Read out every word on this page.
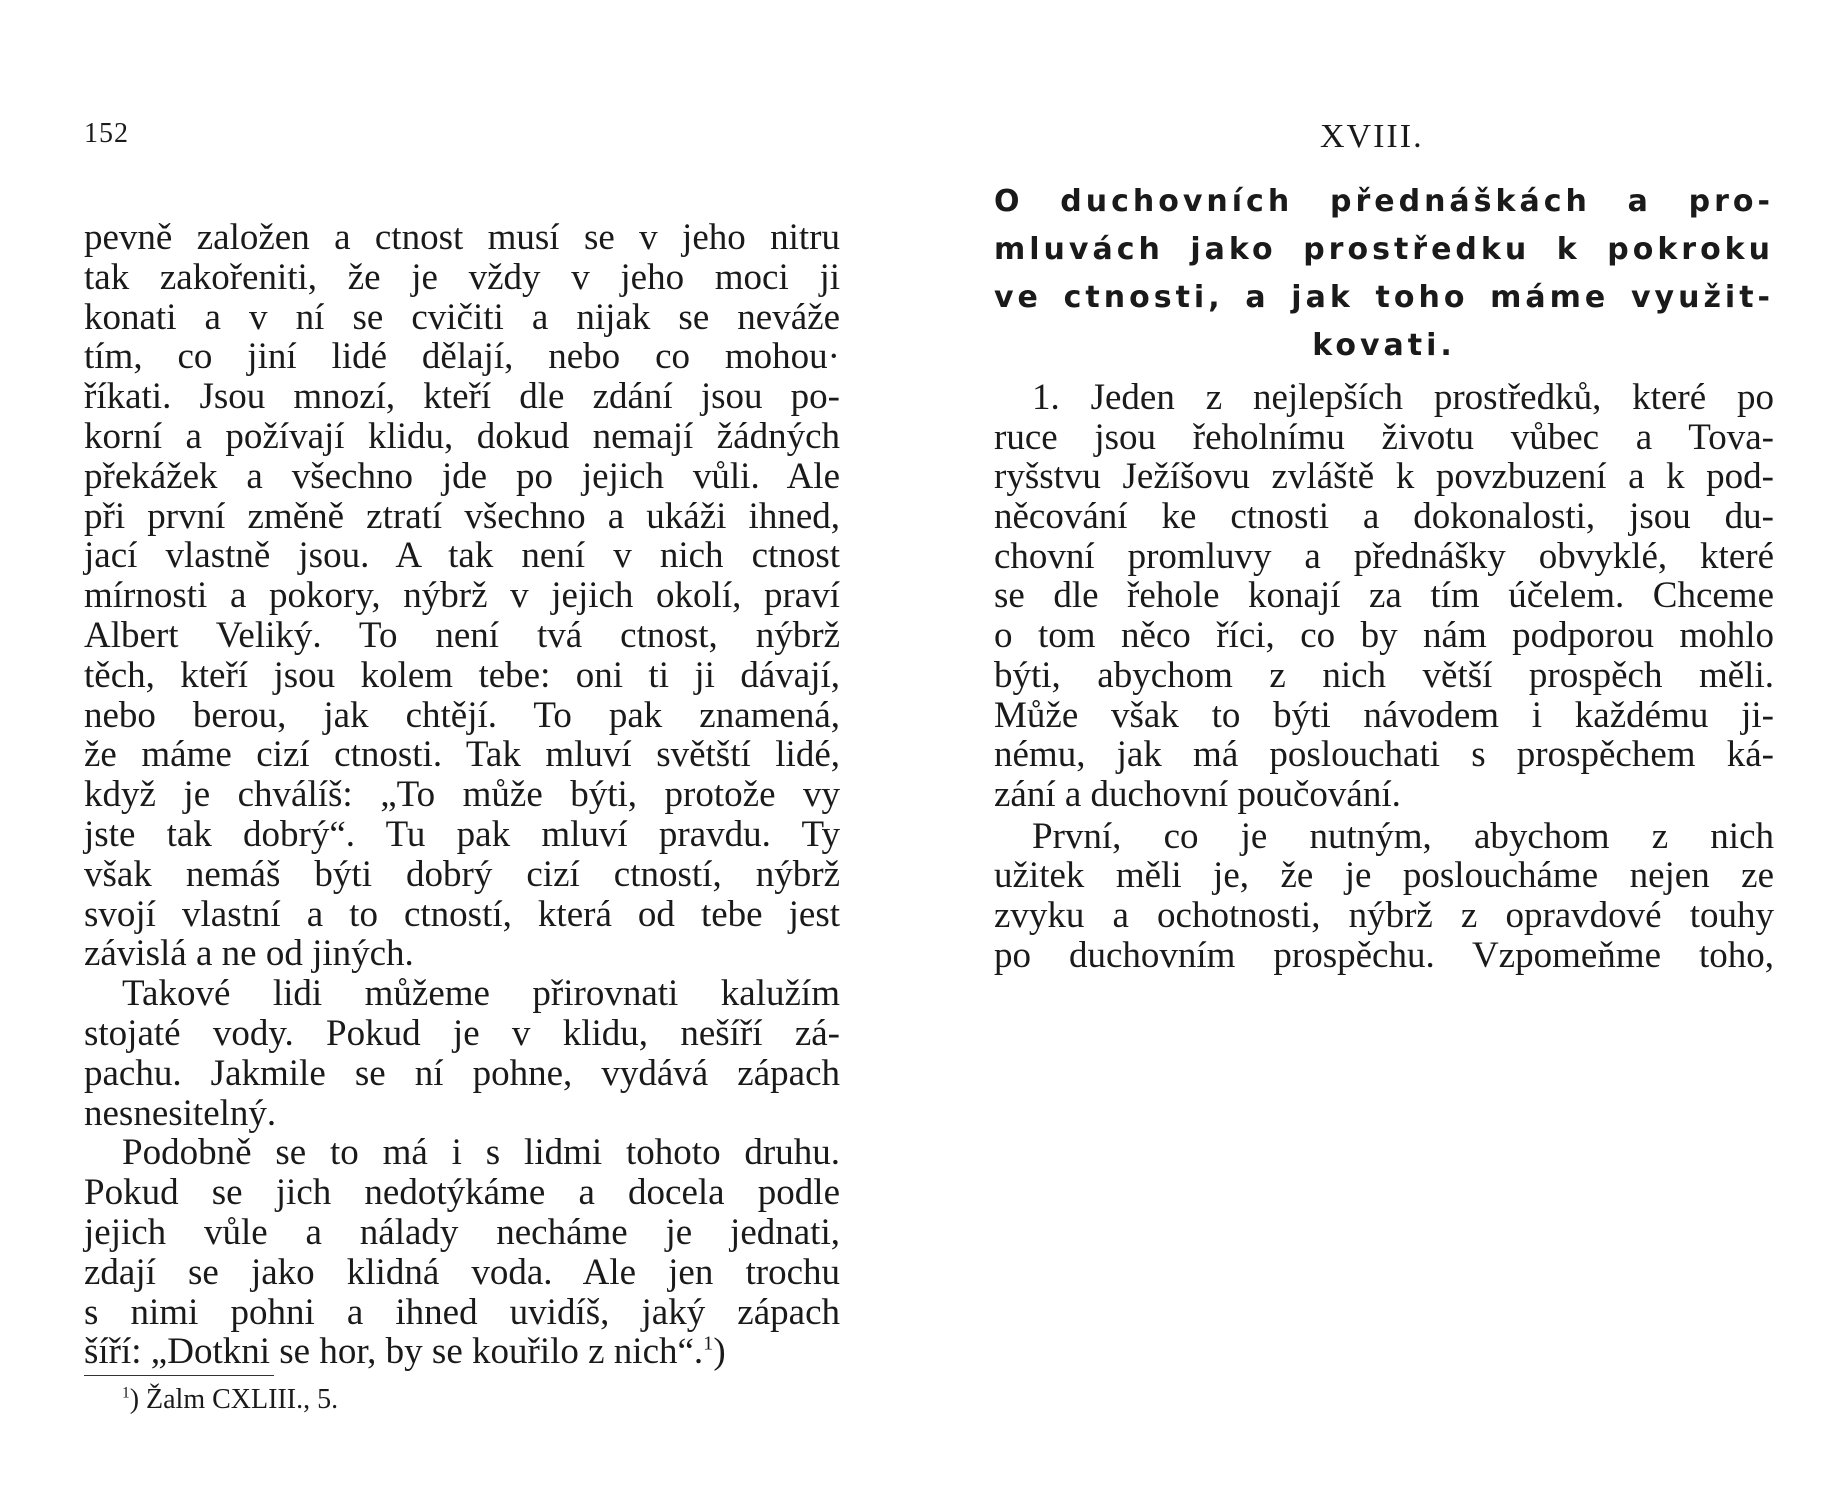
152
pevně založen a ctnost musí se v jeho nitru
tak zakořeniti, že je vždy v jeho moci ji
konati a v ní se cvičiti a nijak se neváže
tím, co jiní lidé dělají, nebo co mohou·
říkati. Jsou mnozí, kteří dle zdání jsou po-
korní a požívají klidu, dokud nemají žádných
překážek a všechno jde po jejich vůli. Ale
při první změně ztratí všechno a ukáži ihned,
jací vlastně jsou. A tak není v nich ctnost
mírnosti a pokory, nýbrž v jejich okolí, praví
Albert Veliký. To není tvá ctnost, nýbrž
těch, kteří jsou kolem tebe: oni ti ji dávají,
nebo berou, jak chtějí. To pak znamená,
že máme cizí ctnosti. Tak mluví světští lidé,
když je chválíš: „To může býti, protože vy
jste tak dobrý“. Tu pak mluví pravdu. Ty
však nemáš býti dobrý cizí ctností, nýbrž
svojí vlastní a to ctností, která od tebe jest
závislá a ne od jiných.
Takové lidi můžeme přirovnati kalužím
stojaté vody. Pokud je v klidu, nešíří zá-
pachu. Jakmile se ní pohne, vydává zápach
nesnesitelný.
Podobně se to má i s lidmi tohoto druhu.
Pokud se jich nedotýkáme a docela podle
jejich vůle a nálady necháme je jednati,
zdají se jako klidná voda. Ale jen trochu
s nimi pohni a ihned uvidíš, jaký zápach
šíří: „Dotkni se hor, by se kouřilo z nich“.$^1$)
$^1$) Žalm CXLIII., 5.
XVIII.
O duchovních přednáškách a pro-
mluvách jako prostředku k pokroku
ve ctnosti, a jak toho máme využit-
kovati.
1. Jeden z nejlepších prostředků, které po
ruce jsou řeholnímu životu vůbec a Tova-
ryšstvu Ježíšovu zvláště k povzbuzení a k pod-
něcování ke ctnosti a dokonalosti, jsou du-
chovní promluvy a přednášky obvyklé, které
se dle řehole konají za tím účelem. Chceme
o tom něco říci, co by nám podporou mohlo
býti, abychom z nich větší prospěch měli.
Může však to býti návodem i každému ji-
nému, jak má poslouchati s prospěchem ká-
zání a duchovní poučování.
První, co je nutným, abychom z nich
užitek měli je, že je posloucháme nejen ze
zvyku a ochotnosti, nýbrž z opravdové touhy
po duchovním prospěchu. Vzpomeňme toho,
